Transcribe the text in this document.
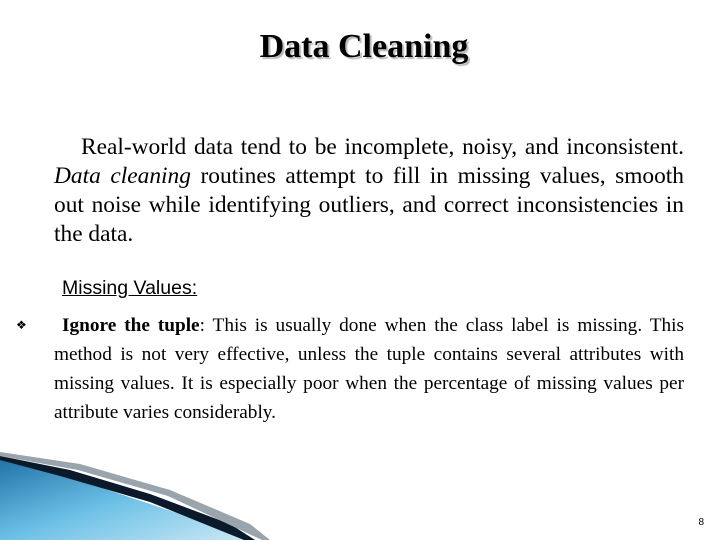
Data Cleaning
Real-world data tend to be incomplete, noisy, and inconsistent. Data cleaning routines attempt to fill in missing values, smooth out noise while identifying outliers, and correct inconsistencies in the data.
Missing Values:
❖	Ignore the tuple: This is usually done when the class label is missing. This method is not very effective, unless the tuple contains several attributes with missing values. It is especially poor when the percentage of missing values per attribute varies considerably.
8
